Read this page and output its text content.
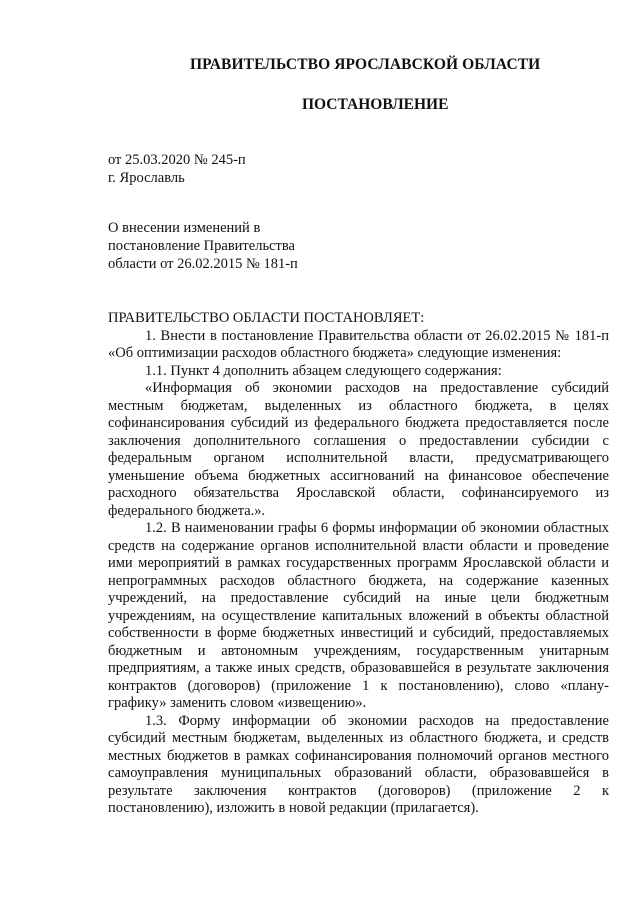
ПРАВИТЕЛЬСТВО ЯРОСЛАВСКОЙ ОБЛАСТИ
ПОСТАНОВЛЕНИЕ
от 25.03.2020 № 245-п
г. Ярославль
О внесении изменений в
постановление Правительства
области от 26.02.2015 № 181-п

ПРАВИТЕЛЬСТВО ОБЛАСТИ ПОСТАНОВЛЯЕТ:

1. Внести в постановление Правительства области от 26.02.2015 № 181-п «Об оптимизации расходов областного бюджета» следующие изменения:

1.1. Пункт 4 дополнить абзацем следующего содержания:

«Информация об экономии расходов на предоставление субсидий местным бюджетам, выделенных из областного бюджета, в целях софинансирования субсидий из федерального бюджета предоставляется после заключения дополнительного соглашения о предоставлении субсидии с федеральным органом исполнительной власти, предусматривающего уменьшение объема бюджетных ассигнований на финансовое обеспечение расходного обязательства Ярославской области, софинансируемого из федерального бюджета.».

1.2. В наименовании графы 6 формы информации об экономии областных средств на содержание органов исполнительной власти области и проведение ими мероприятий в рамках государственных программ Ярославской области и непрограммных расходов областного бюджета, на содержание казенных учреждений, на предоставление субсидий на иные цели бюджетным учреждениям, на осуществление капитальных вложений в объекты областной собственности в форме бюджетных инвестиций и субсидий, предоставляемых бюджетным и автономным учреждениям, государственным унитарным предприятиям, а также иных средств, образовавшейся в результате заключения контрактов (договоров) (приложение 1 к постановлению), слово «плану-графику» заменить словом «извещению».

1.3. Форму информации об экономии расходов на предоставление субсидий местным бюджетам, выделенных из областного бюджета, и средств местных бюджетов в рамках софинансирования полномочий органов местного самоуправления муниципальных образований области, образовавшейся в результате заключения контрактов (договоров) (приложение 2 к постановлению), изложить в новой редакции (прилагается).
